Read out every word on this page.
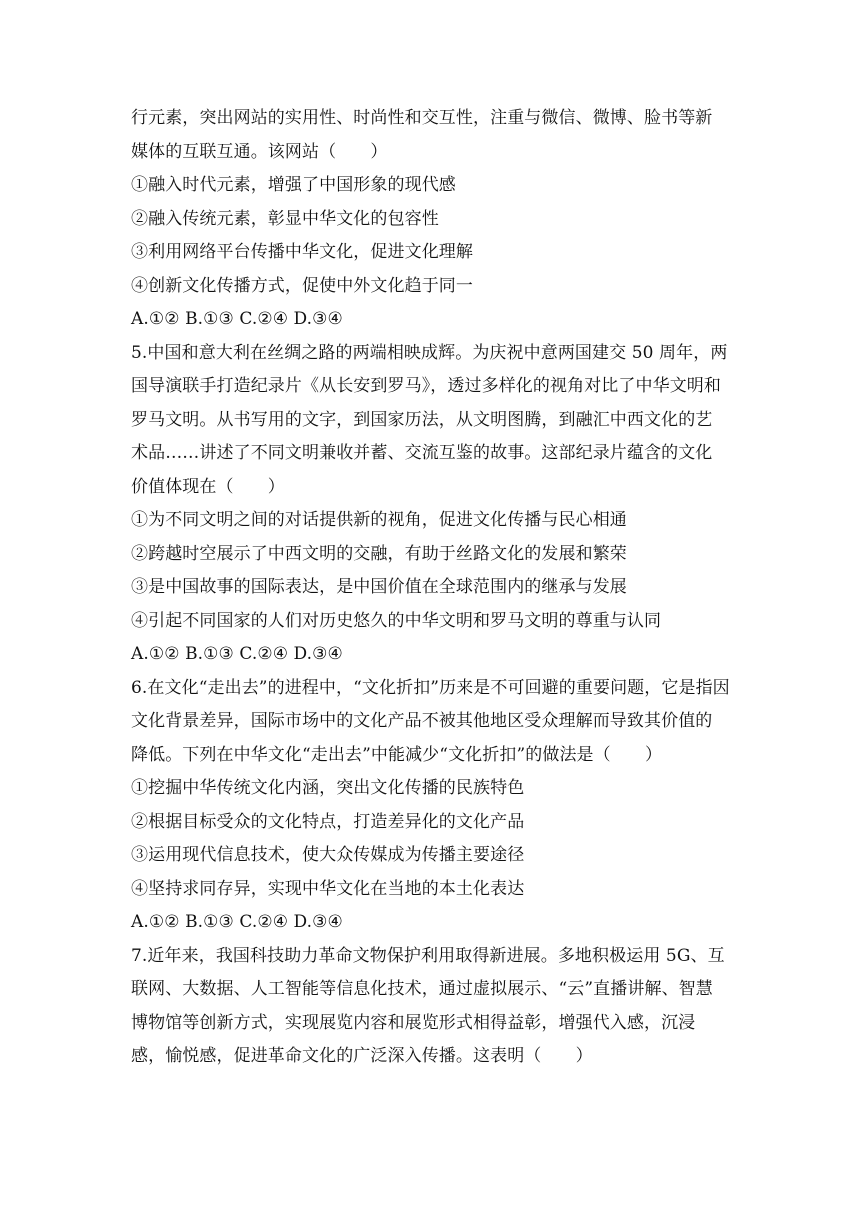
行元素，突出网站的实用性、时尚性和交互性，注重与微信、微博、脸书等新
媒体的互联互通。该网站（　　）
①融入时代元素，增强了中国形象的现代感
②融入传统元素，彰显中华文化的包容性
③利用网络平台传播中华文化，促进文化理解
④创新文化传播方式，促使中外文化趋于同一
A.①② B.①③ C.②④ D.③④
5.中国和意大利在丝绸之路的两端相映成辉。为庆祝中意两国建交 50 周年，两
国导演联手打造纪录片《从长安到罗马》，透过多样化的视角对比了中华文明和
罗马文明。从书写用的文字，到国家历法，从文明图腾，到融汇中西文化的艺
术品……讲述了不同文明兼收并蓄、交流互鉴的故事。这部纪录片蕴含的文化
价值体现在（　　）
①为不同文明之间的对话提供新的视角，促进文化传播与民心相通
②跨越时空展示了中西文明的交融，有助于丝路文化的发展和繁荣
③是中国故事的国际表达，是中国价值在全球范围内的继承与发展
④引起不同国家的人们对历史悠久的中华文明和罗马文明的尊重与认同
A.①② B.①③ C.②④ D.③④
6.在文化“走出去”的进程中，“文化折扣”历来是不可回避的重要问题，它是指因
文化背景差异，国际市场中的文化产品不被其他地区受众理解而导致其价值的
降低。下列在中华文化“走出去”中能减少“文化折扣”的做法是（　　）
①挖掘中华传统文化内涵，突出文化传播的民族特色
②根据目标受众的文化特点，打造差异化的文化产品
③运用现代信息技术，使大众传媒成为传播主要途径
④坚持求同存异，实现中华文化在当地的本土化表达
A.①② B.①③ C.②④ D.③④
7.近年来，我国科技助力革命文物保护利用取得新进展。多地积极运用 5G、互
联网、大数据、人工智能等信息化技术，通过虚拟展示、“云”直播讲解、智慧
博物馆等创新方式，实现展览内容和展览形式相得益彰，增强代入感，沉浸
感，愉悦感，促进革命文化的广泛深入传播。这表明（　　）
